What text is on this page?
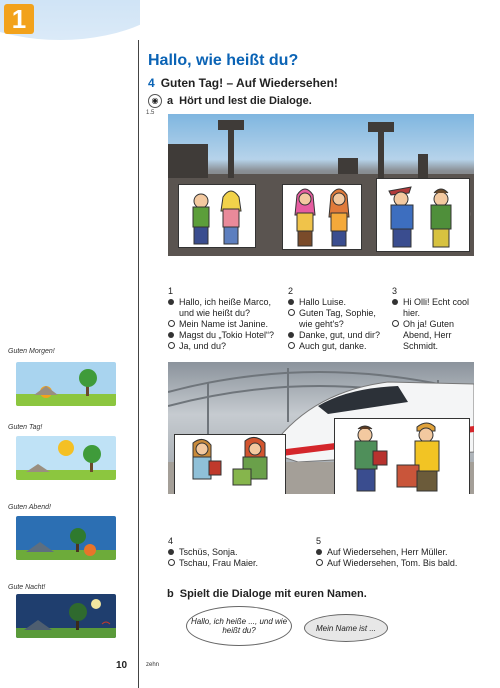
1
Hallo, wie heißt du?
4 Guten Tag! – Auf Wiedersehen!
◉
1.5
a Hört und lest die Dialoge.
1
Hallo, ich heiße Marco, und wie heißt du?
Mein Name ist Janine.
Magst du „Tokio Hotel“?
Ja, und du?
2
Hallo Luise.
Guten Tag, Sophie, wie geht's?
Danke, gut, und dir?
Auch gut, danke.
3
Hi Olli! Echt cool hier.
Oh ja! Guten Abend, Herr Schmidt.
4
Tschüs, Sonja.
Tschau, Frau Maier.
5
Auf Wiedersehen, Herr Müller.
Auf Wiedersehen, Tom. Bis bald.
Guten Morgen!
Guten Tag!
Guten Abend!
Gute Nacht!
b Spielt die Dialoge mit euren Namen.
Hallo, ich heiße ..., und wie heißt du?	Mein Name ist ...
10	zehn
